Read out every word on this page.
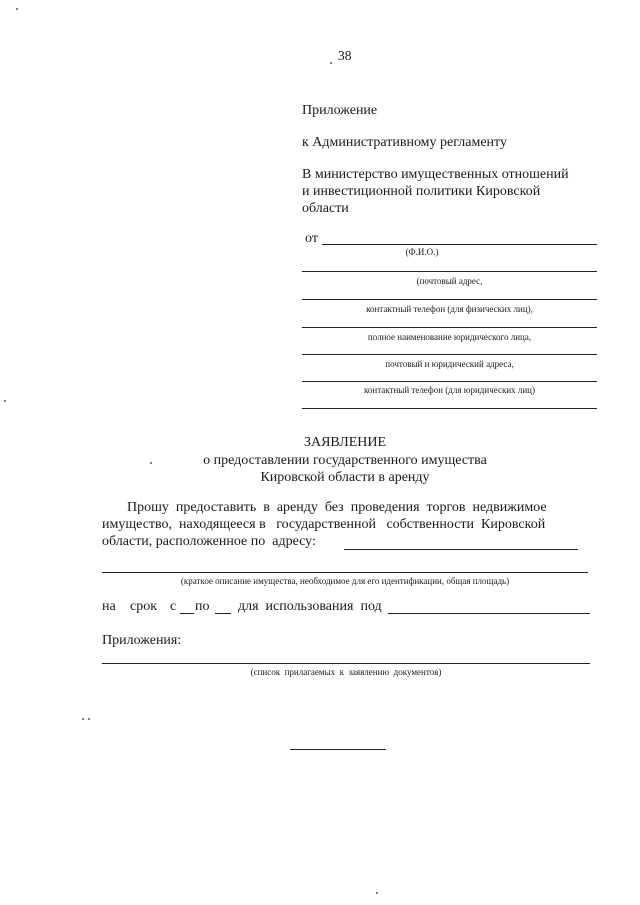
38
Приложение
к Административному регламенту
В министерство имущественных отношений
и инвестиционной политики Кировской
области
от
(Ф.И.О.)
(почтовый адрес,
контактный телефон (для физических лиц),
полное наименование юридического лица,
почтовый и юридический адреса,
контактный телефон (для юридических лиц)
ЗАЯВЛЕНИЕ
о предоставлении государственного имущества
Кировской области в аренду
Прошу  предоставить  в  аренду  без  проведения  торгов  недвижимое
имущество,  находящееся в   государственной   собственности  Кировской
области, расположенное по  адресу:
(краткое описание имущества, необходимое для его идентификации, общая площадь)
на срок с по для  использования  под
Приложения:
(список  прилагаемых  к  заявлению  документов)
